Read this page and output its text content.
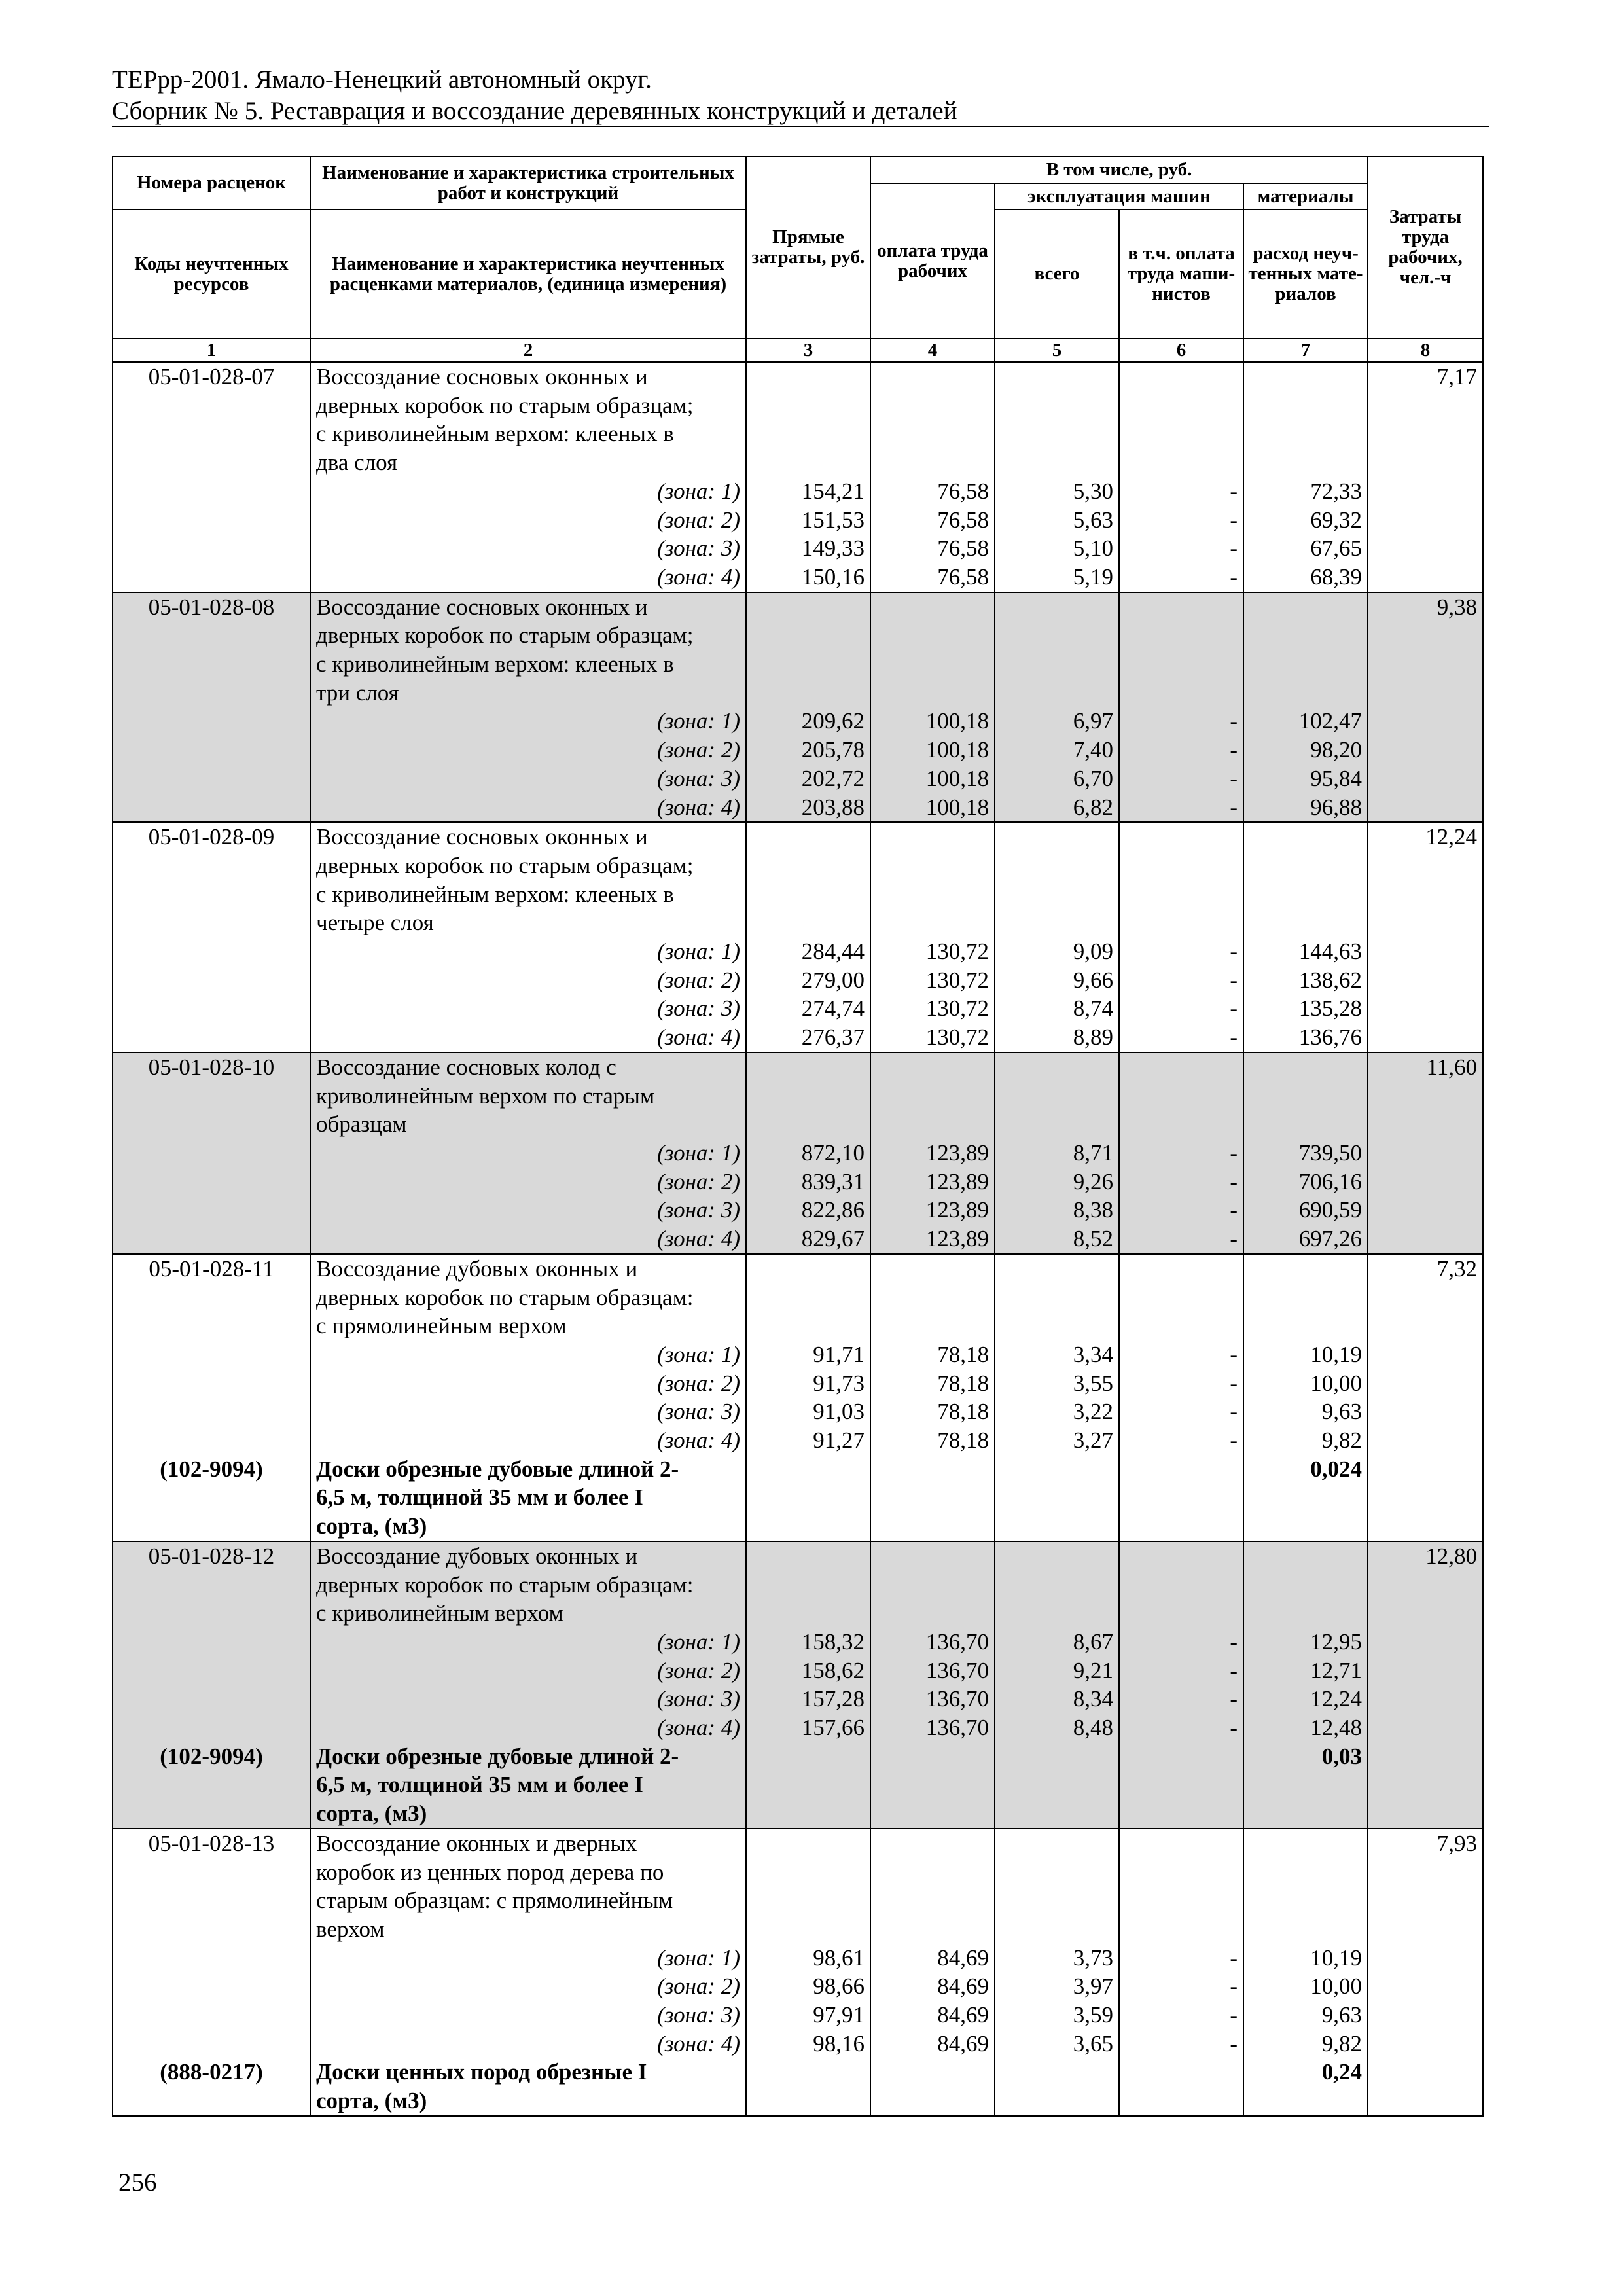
ТЕРрр-2001. Ямало-Ненецкий автономный округ.
Сборник № 5. Реставрация и воссоздание деревянных конструкций и деталей
Номера расценок	Наименование и характеристика строительных работ и конструкций	Прямые затраты, руб.	В том числе, руб.				Затраты труда рабочих, чел.-ч
			оплата труда рабочих	эксплуатация машин		материалы	
Коды неучтенных ресурсов	Наименование и характеристика неучтенных расценками материалов, (единица измерения)			всего	в т.ч. оплата труда маши-нистов	расход неуч-тенных мате-риалов	

1	2	3	4	5	6	7	8
05-01-028-07	Воссоздание сосновых оконных и						7,17
	дверных коробок по старым образцам;						
	с криволинейным верхом: клееных в						
	два слоя						
	(зона: 1)	154,21	76,58	5,30	-	72,33	
	(зона: 2)	151,53	76,58	5,63	-	69,32	
	(зона: 3)	149,33	76,58	5,10	-	67,65	
	(зона: 4)	150,16	76,58	5,19	-	68,39	
05-01-028-08	Воссоздание сосновых оконных и						9,38
	дверных коробок по старым образцам;						
	с криволинейным верхом: клееных в						
	три слоя						
	(зона: 1)	209,62	100,18	6,97	-	102,47	
	(зона: 2)	205,78	100,18	7,40	-	98,20	
	(зона: 3)	202,72	100,18	6,70	-	95,84	
	(зона: 4)	203,88	100,18	6,82	-	96,88	
05-01-028-09	Воссоздание сосновых оконных и						12,24
	дверных коробок по старым образцам;						
	с криволинейным верхом: клееных в						
	четыре слоя						
	(зона: 1)	284,44	130,72	9,09	-	144,63	
	(зона: 2)	279,00	130,72	9,66	-	138,62	
	(зона: 3)	274,74	130,72	8,74	-	135,28	
	(зона: 4)	276,37	130,72	8,89	-	136,76	
05-01-028-10	Воссоздание сосновых колод с						11,60
	криволинейным верхом по старым						
	образцам						
	(зона: 1)	872,10	123,89	8,71	-	739,50	
	(зона: 2)	839,31	123,89	9,26	-	706,16	
	(зона: 3)	822,86	123,89	8,38	-	690,59	
	(зона: 4)	829,67	123,89	8,52	-	697,26	
05-01-028-11	Воссоздание дубовых оконных и						7,32
	дверных коробок по старым образцам:						
	с прямолинейным верхом						
	(зона: 1)	91,71	78,18	3,34	-	10,19	
	(зона: 2)	91,73	78,18	3,55	-	10,00	
	(зона: 3)	91,03	78,18	3,22	-	9,63	
	(зона: 4)	91,27	78,18	3,27	-	9,82	
(102-9094)	Доски обрезные дубовые длиной 2-					0,024	
	6,5 м, толщиной 35 мм и более I						
	сорта, (м3)						
05-01-028-12	Воссоздание дубовых оконных и						12,80
	дверных коробок по старым образцам:						
	с криволинейным верхом						
	(зона: 1)	158,32	136,70	8,67	-	12,95	
	(зона: 2)	158,62	136,70	9,21	-	12,71	
	(зона: 3)	157,28	136,70	8,34	-	12,24	
	(зона: 4)	157,66	136,70	8,48	-	12,48	
(102-9094)	Доски обрезные дубовые длиной 2-					0,03	
	6,5 м, толщиной 35 мм и более I						
	сорта, (м3)						
05-01-028-13	Воссоздание оконных и дверных						7,93
	коробок из ценных пород дерева по						
	старым образцам: с прямолинейным						
	верхом						
	(зона: 1)	98,61	84,69	3,73	-	10,19	
	(зона: 2)	98,66	84,69	3,97	-	10,00	
	(зона: 3)	97,91	84,69	3,59	-	9,63	
	(зона: 4)	98,16	84,69	3,65	-	9,82	
(888-0217)	Доски ценных пород обрезные I					0,24	
	сорта, (м3)						
256
